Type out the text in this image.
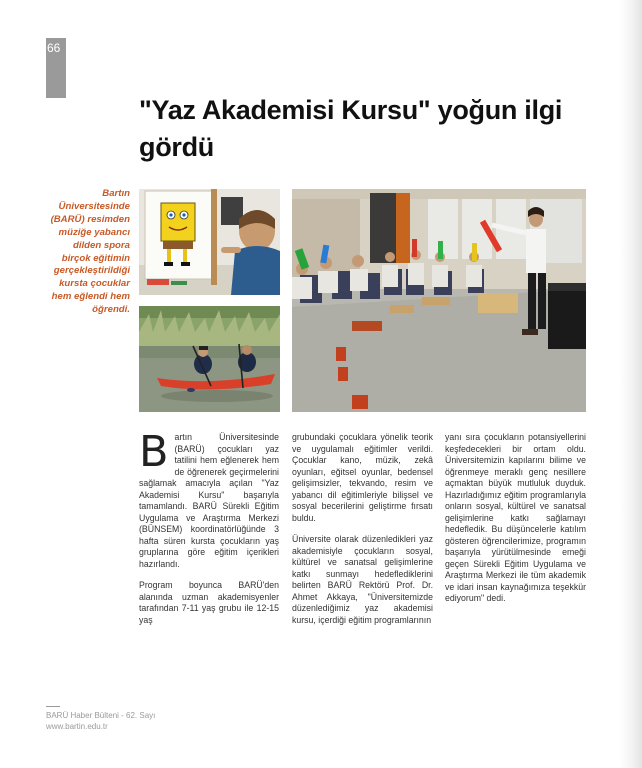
66
"Yaz Akademisi Kursu" yoğun ilgi gördü
Bartın Üniversitesinde (BARÜ) resimden müziğe yabancı dilden spora birçok eğitimin gerçekleştirildiği kursta çocuklar hem eğlendi hem öğrendi.

Bartın Üniversitesinde (BARÜ) çocukları yaz tatilini hem eğlenerek hem de öğrenerek geçirmelerini sağlamak amacıyla açılan "Yaz Akademisi Kursu" başarıyla tamamlandı. BARÜ Sürekli Eğitim Uygulama ve Araştırma Merkezi (BÜNSEM) koordinatörlüğünde 3 hafta süren kursta çocukların yaş gruplarına göre eğitim içerikleri hazırlandı.

Program boyunca BARÜ'den alanında uzman akademisyenler tarafından 7-11 yaş grubu ile 12-15 yaş

grubundaki çocuklara yönelik teorik ve uygulamalı eğitimler verildi. Çocuklar kano, müzik, zekâ oyunları, eğitsel oyunlar, bedensel gelişimsizler, tekvando, resim ve yabancı dil eğitimleriyle bilişsel ve sosyal becerilerini geliştirme fırsatı buldu.

Üniversite olarak düzenledikleri yaz akademisiyle çocukların sosyal, kültürel ve sanatsal gelişimlerine katkı sunmayı hedeflediklerini belirten BARÜ Rektörü Prof. Dr. Ahmet Akkaya, "Üniversitemizde düzenlediğimiz yaz akademisi kursu, içerdiği eğitim programlarının

yanı sıra çocukların potansiyellerini keşfedecekleri bir ortam oldu. Üniversitemizin kapılarını bilime ve öğrenmeye meraklı genç nesillere açmaktan büyük mutluluk duyduk. Hazırladığımız eğitim programlarıyla onların sosyal, kültürel ve sanatsal gelişimlerine katkı sağlamayı hedefledik. Bu düşüncelerle katılım gösteren öğrencilerimize, programın başarıyla yürütülmesinde emeği geçen Sürekli Eğitim Uygulama ve Araştırma Merkezi ile tüm akademik ve idari insan kaynağımıza teşekkür ediyorum" dedi.

BARÜ Haber Bülteni - 62. Sayı
www.bartin.edu.tr
